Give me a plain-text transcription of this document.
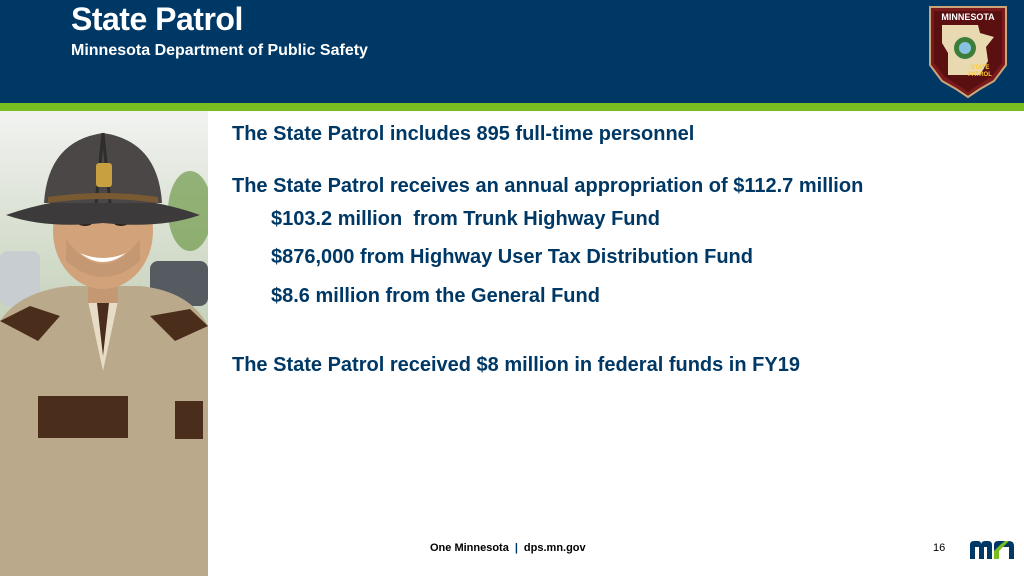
State Patrol
Minnesota Department of Public Safety
MINNESOTA
STATE
PATROL
The State Patrol includes 895 full-time personnel
The State Patrol receives an annual appropriation of $112.7 million
$103.2 million  from Trunk Highway Fund
$876,000 from Highway User Tax Distribution Fund
$8.6 million from the General Fund
The State Patrol received $8 million in federal funds in FY19
One Minnesota | dps.mn.gov	16
